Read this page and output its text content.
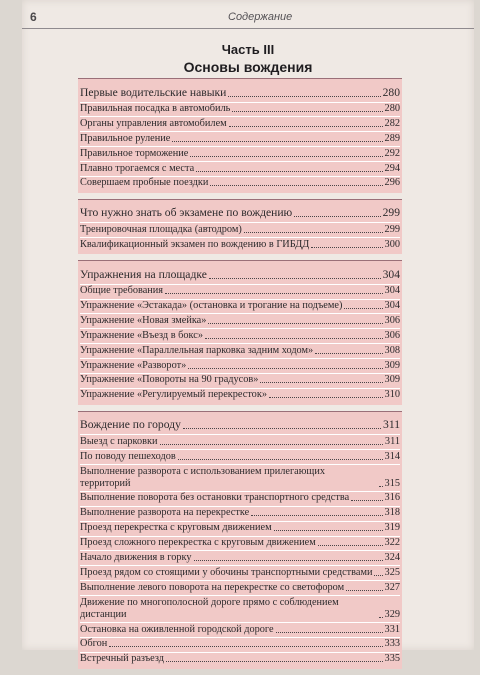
6	Содержание
Часть III
Основы вождения
Первые водительские навыки	280
Правильная посадка в автомобиль	280
Органы управления автомобилем	282
Правильное руление	289
Правильное торможение	292
Плавно трогаемся с места	294
Совершаем пробные поездки	296
Что нужно знать об экзамене по вождению	299
Тренировочная площадка (автодром)	299
Квалификационный экзамен по вождению в ГИБДД	300
Упражнения на площадке	304
Общие требования	304
Упражнение «Эстакада» (остановка и трогание на подъеме)	304
Упражнение «Новая змейка»	306
Упражнение «Въезд в бокс»	306
Упражнение «Параллельная парковка задним ходом»	308
Упражнение «Разворот»	309
Упражнение «Повороты на 90 градусов»	309
Упражнение «Регулируемый перекресток»	310
Вождение по городу	311
Выезд с парковки	311
По поводу пешеходов	314
Выполнение разворота с использованием прилегающих территорий	315
Выполнение поворота без остановки транспортного средства	316
Выполнение разворота на перекрестке	318
Проезд перекрестка с круговым движением	319
Проезд сложного перекрестка с круговым движением	322
Начало движения в горку	324
Проезд рядом со стоящими у обочины транспортными средствами 325
Выполнение левого поворота на перекрестке со светофором	327
Движение по многополосной дороге прямо с соблюдением дистанции	329
Остановка на оживленной городской дороге	331
Обгон	333
Встречный разъезд	335
